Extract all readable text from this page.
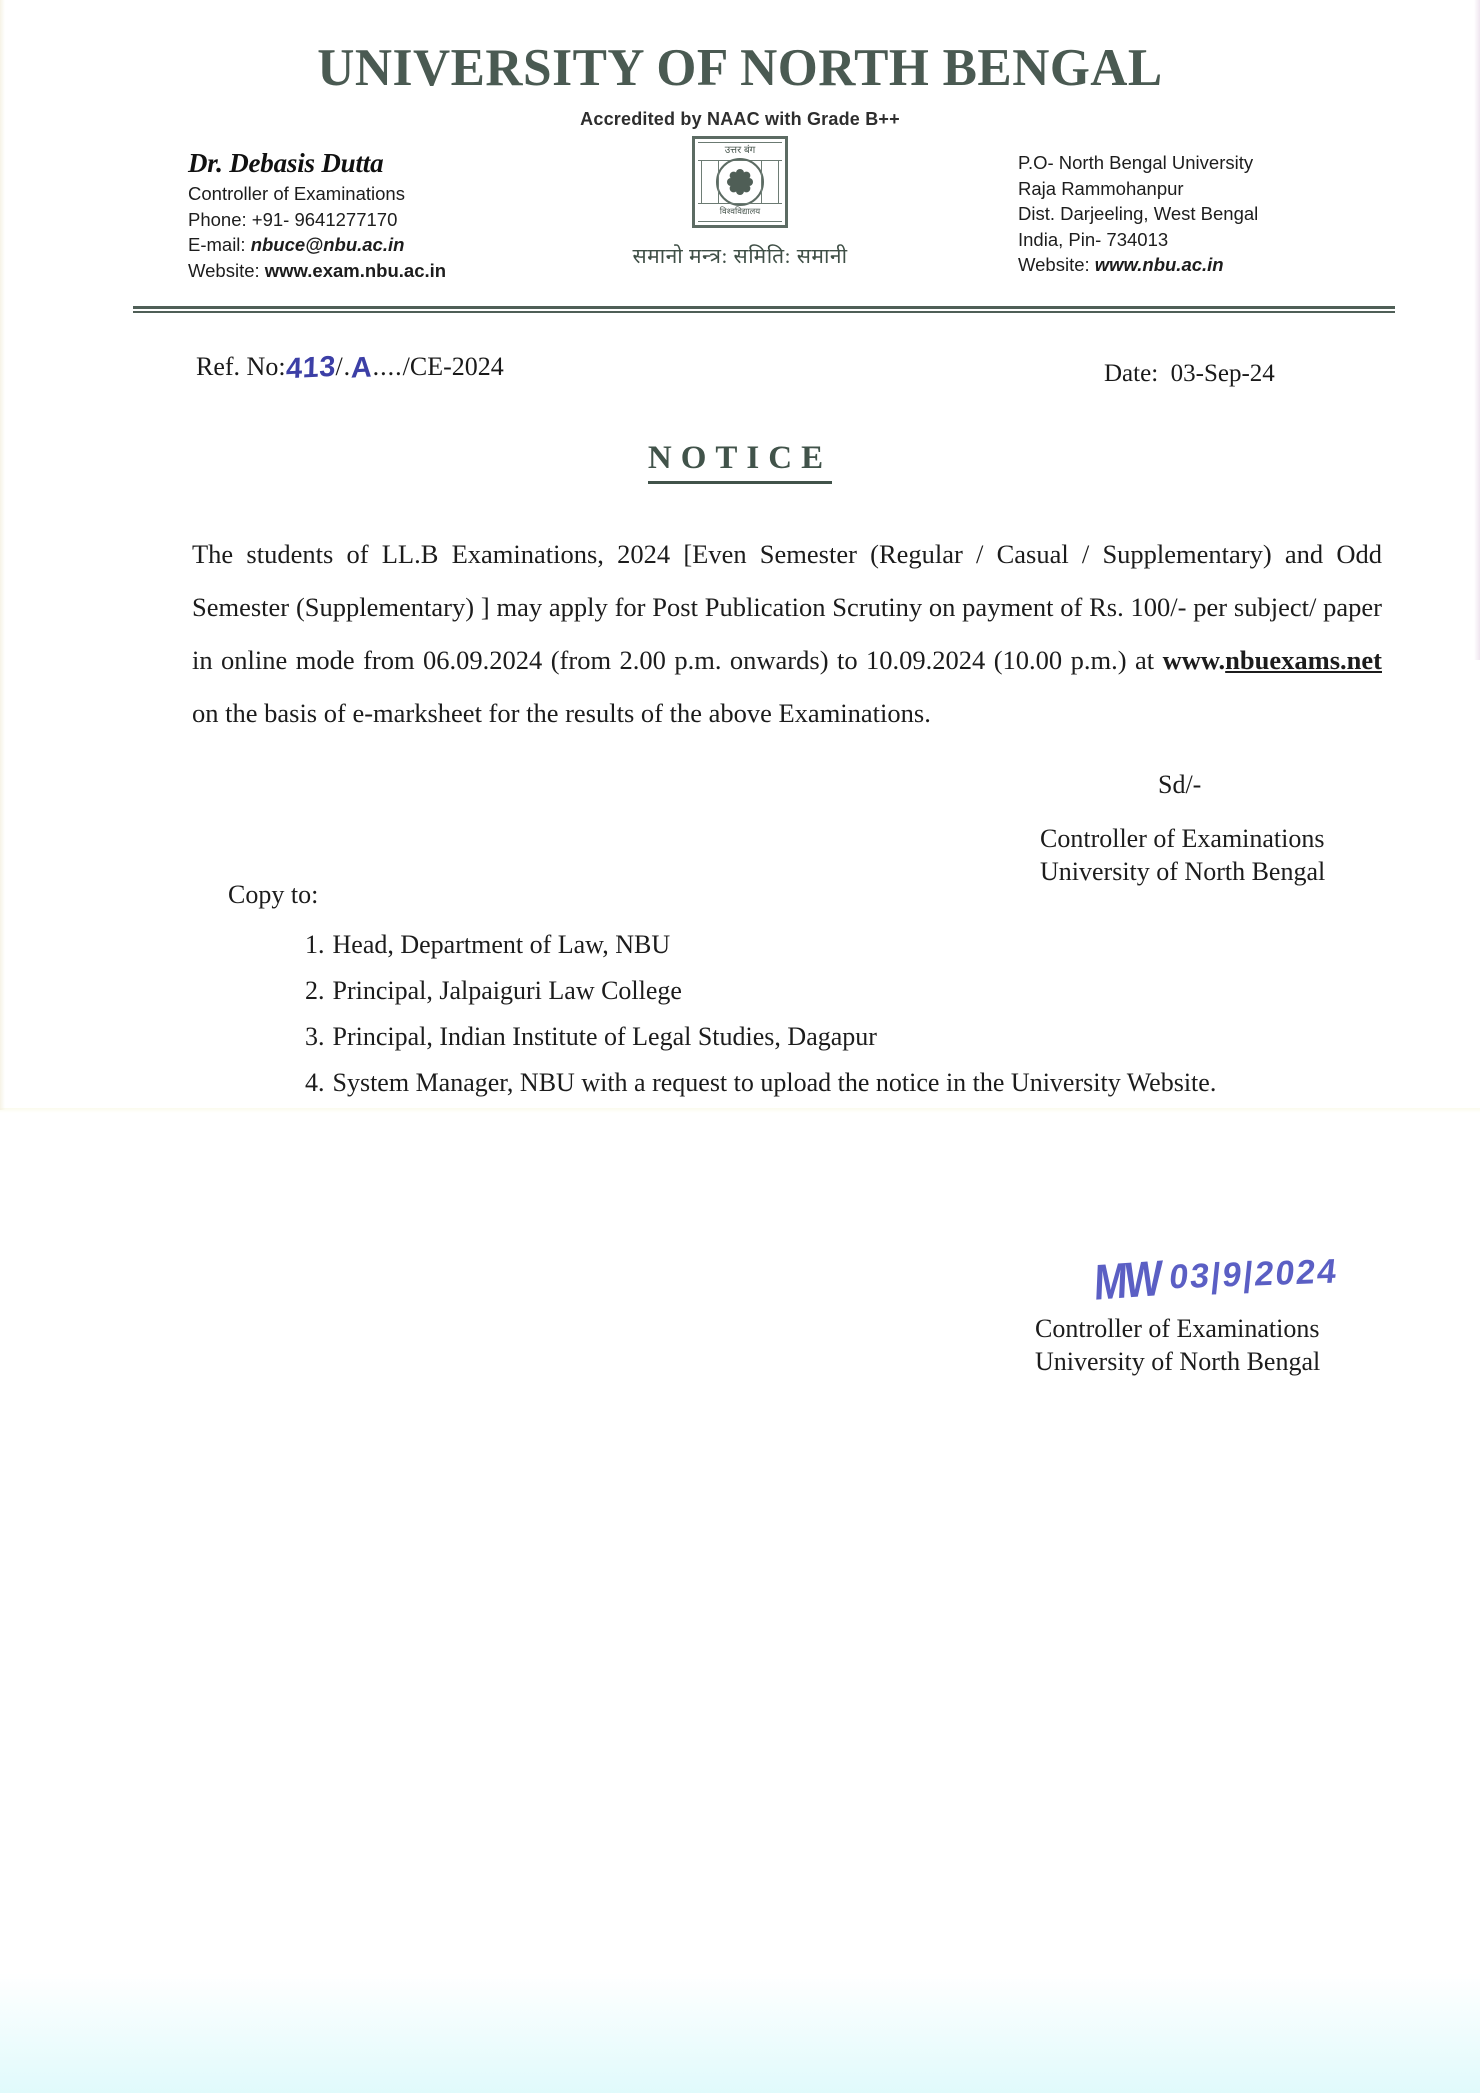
UNIVERSITY OF NORTH BENGAL
Accredited by NAAC with Grade B++
उत्तर बंग
विश्वविद्यालय
समानो मन्त्र: समिति: समानी
Dr. Debasis Dutta
Controller of Examinations
Phone: +91- 9641277170
E-mail: nbuce@nbu.ac.in
Website: www.exam.nbu.ac.in
P.O- North Bengal University
Raja Rammohanpur
Dist. Darjeeling, West Bengal
India, Pin- 734013
Website: www.nbu.ac.in
Ref. No:413/.A..../CE-2024	Date: 03-Sep-24
NOTICE
The students of LL.B Examinations, 2024 [Even Semester (Regular / Casual / Supplementary) and Odd Semester (Supplementary) ] may apply for Post Publication Scrutiny on payment of Rs. 100/- per subject/ paper in online mode from 06.09.2024 (from 2.00 p.m. onwards) to 10.09.2024 (10.00 p.m.) at www.nbuexams.net on the basis of e-marksheet for the results of the above Examinations.
Sd/-
Controller of Examinations
University of North Bengal
Copy to:
1. Head, Department of Law, NBU
2. Principal, Jalpaiguri Law College
3. Principal, Indian Institute of Legal Studies, Dagapur
4. System Manager, NBU with a request to upload the notice in the University Website.
MW 03|9|2024
Controller of Examinations
University of North Bengal
